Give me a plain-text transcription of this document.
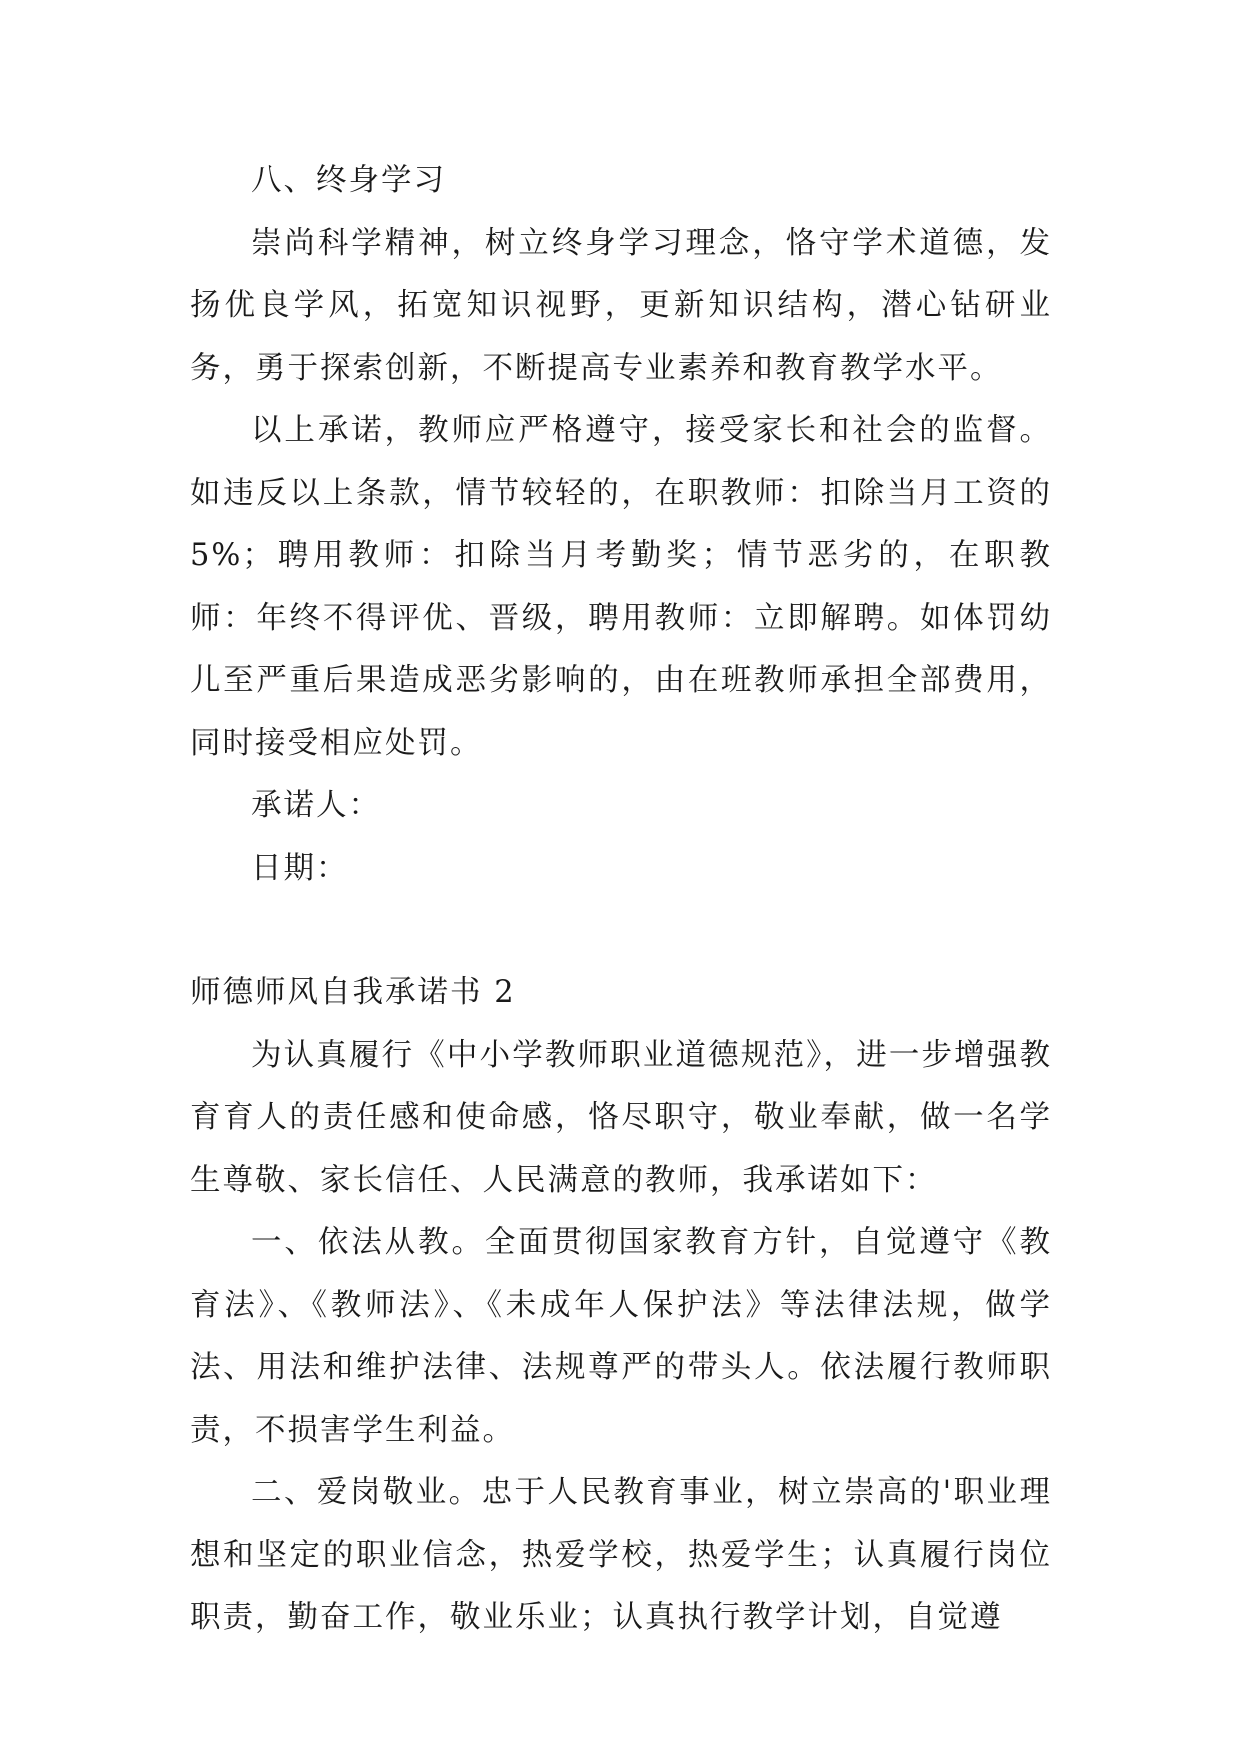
八、终身学习

崇尚科学精神，树立终身学习理念，恪守学术道德，发扬优良学风，拓宽知识视野，更新知识结构，潜心钻研业务，勇于探索创新，不断提高专业素养和教育教学水平。

以上承诺，教师应严格遵守，接受家长和社会的监督。如违反以上条款，情节较轻的，在职教师：扣除当月工资的5%；聘用教师：扣除当月考勤奖；情节恶劣的，在职教师：年终不得评优、晋级，聘用教师：立即解聘。如体罚幼儿至严重后果造成恶劣影响的，由在班教师承担全部费用，同时接受相应处罚。

承诺人：

日期：

师德师风自我承诺书 2

为认真履行《中小学教师职业道德规范》，进一步增强教育育人的责任感和使命感，恪尽职守，敬业奉献，做一名学生尊敬、家长信任、人民满意的教师，我承诺如下：

一、依法从教。全面贯彻国家教育方针，自觉遵守《教育法》、《教师法》、《未成年人保护法》等法律法规，做学法、用法和维护法律、法规尊严的带头人。依法履行教师职责，不损害学生利益。

二、爱岗敬业。忠于人民教育事业，树立崇高的'职业理想和坚定的职业信念，热爱学校，热爱学生；认真履行岗位职责，勤奋工作，敬业乐业；认真执行教学计划，自觉遵
